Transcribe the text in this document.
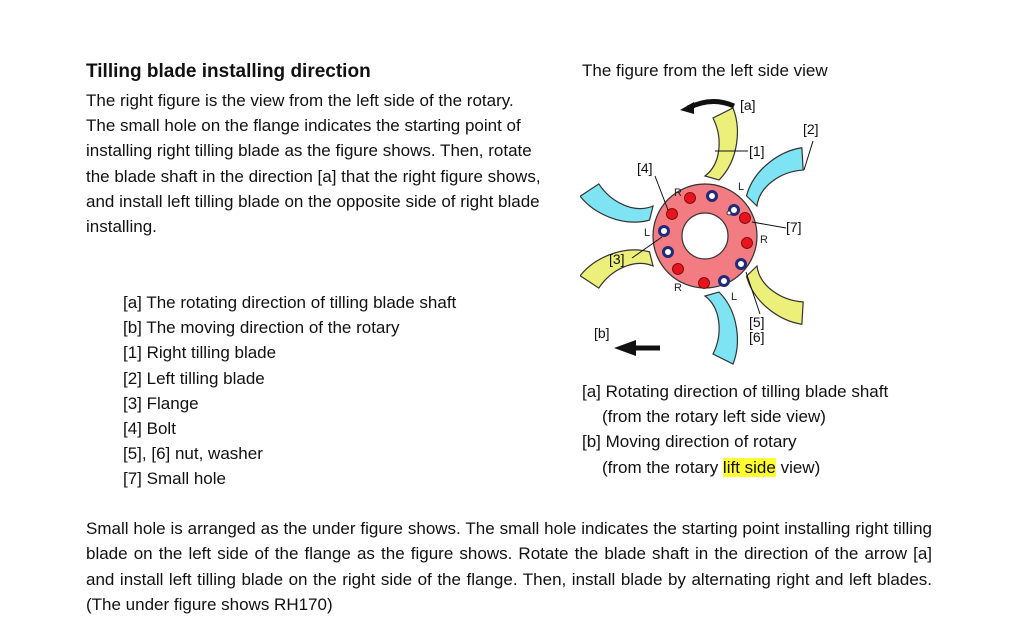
Tilling blade installing direction

The right figure is the view from the left side of the rotary. The small hole on the flange indicates the starting point of installing right tilling blade as the figure shows. Then, rotate the blade shaft in the direction [a] that the right figure shows, and install left tilling blade on the opposite side of right blade installing.

[a] The rotating direction of tilling blade shaft
[b] The moving direction of the rotary
[1] Right tilling blade
[2] Left tilling blade
[3] Flange
[4] Bolt
[5], [6] nut, washer
[7] Small hole
The figure from the left side view
R
R
R
L
L
L
[a]
[1]
[2]
[4]
[3]
[7]
[5]
[6]
[b]
[a] Rotating direction of tilling blade shaft
(from the rotary left side view)
[b] Moving direction of rotary
(from the rotary lift side view)

Small hole is arranged as the under figure shows. The small hole indicates the starting point installing right tilling blade on the left side of the flange as the figure shows. Rotate the blade shaft in the direction of the arrow [a] and install left tilling blade on the right side of the flange. Then, install blade by alternating right and left blades. (The under figure shows RH170)
